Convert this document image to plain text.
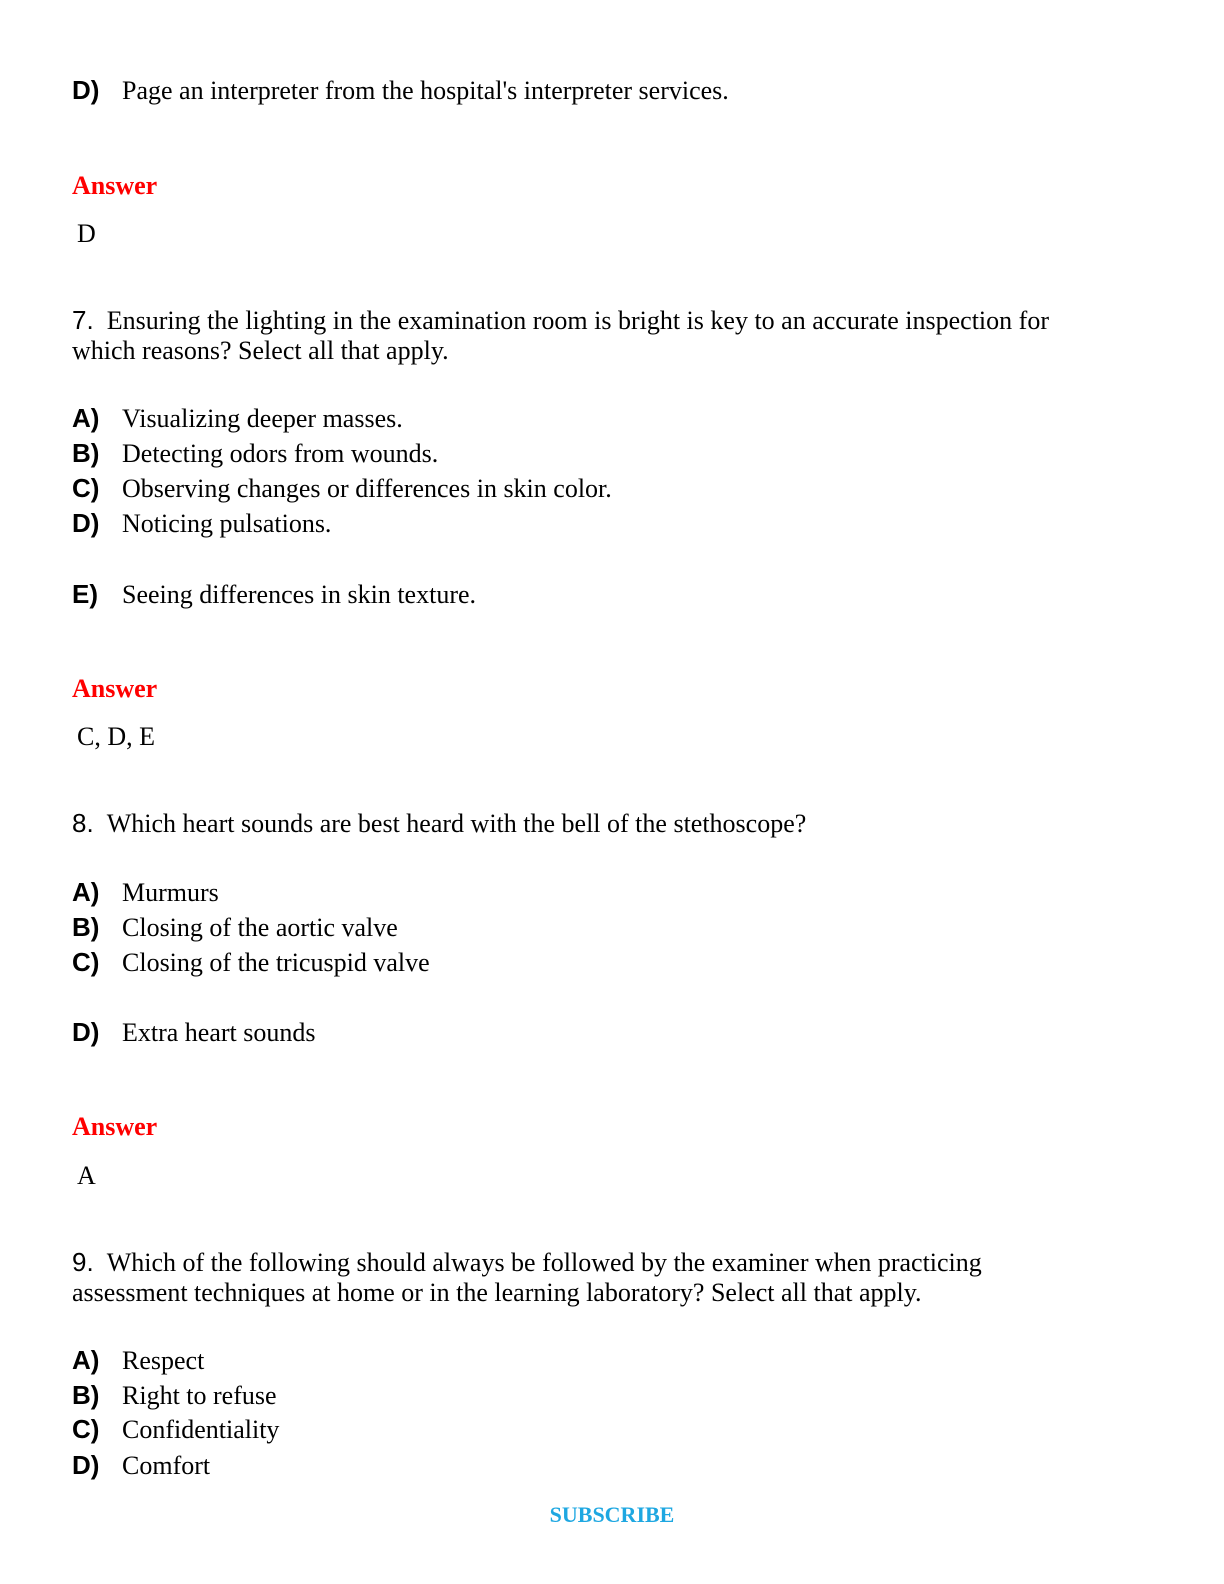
D) Page an interpreter from the hospital's interpreter services.
Answer
D
7. Ensuring the lighting in the examination room is bright is key to an accurate inspection for
which reasons? Select all that apply.
A) Visualizing deeper masses.
B) Detecting odors from wounds.
C) Observing changes or differences in skin color.
D) Noticing pulsations.
E) Seeing differences in skin texture.
Answer
C, D, E
8. Which heart sounds are best heard with the bell of the stethoscope?
A) Murmurs
B) Closing of the aortic valve
C) Closing of the tricuspid valve
D) Extra heart sounds
Answer
A
9. Which of the following should always be followed by the examiner when practicing
assessment techniques at home or in the learning laboratory? Select all that apply.
A) Respect
B) Right to refuse
C) Confidentiality
D) Comfort
SUBSCRIBE
